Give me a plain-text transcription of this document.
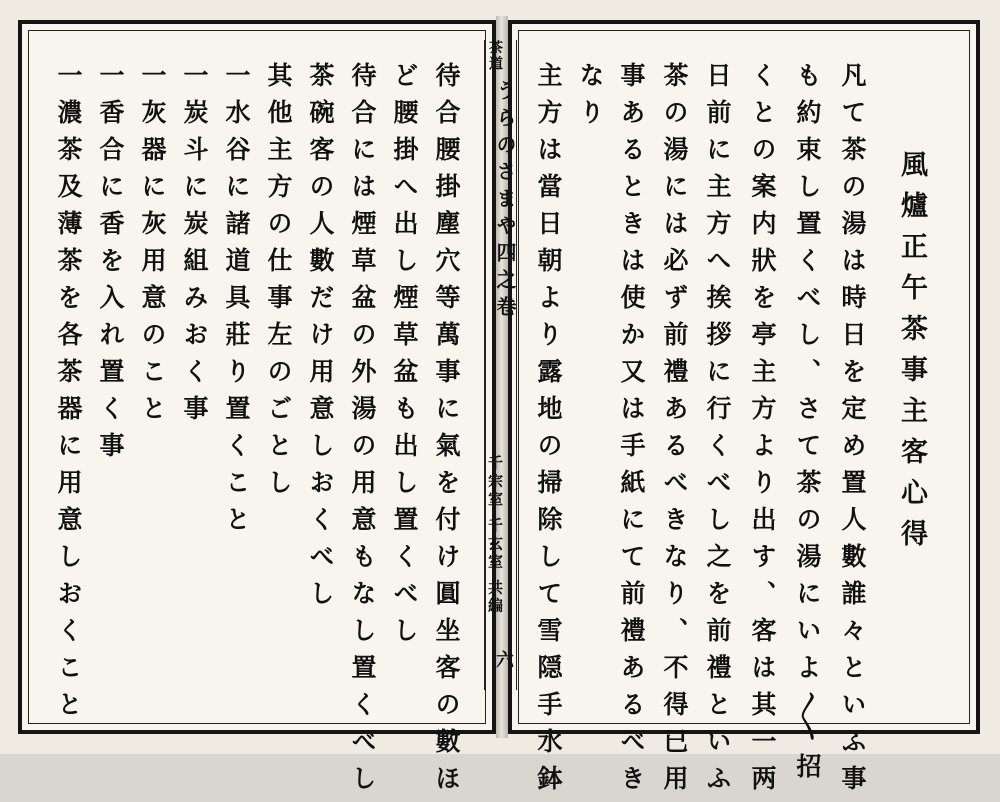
風爐正午茶事主客心得
凡て茶の湯は時日を定め置人數誰々といふ事
も約束し置くべし、さて茶の湯にいよ〳〵招
くとの案内狀を亭主方より出す、客は其一两
日前に主方へ挨拶に行くべし之を前禮といふ
茶の湯には必ず前禮あるべきなり、不得已用
事あるときは使か又は手紙にて前禮あるべき
なり
主方は當日朝より露地の掃除して雪隠手水鉢
茶道
うらのさまや四之卷
千宗室 千玄室 共編
六
待合腰掛塵穴等萬事に氣を付け圓坐客の數ほ
ど腰掛へ出し煙草盆も出し置くべし
待合には煙草盆の外湯の用意もなし置くべし
茶碗客の人數だけ用意しおくべし
其他主方の仕事左のごとし
一水谷に諸道具莊り置くこと
一炭斗に炭組みおく事
一灰器に灰用意のこと
一香合に香を入れ置く事
一濃茶及薄茶を各茶器に用意しおくこと
